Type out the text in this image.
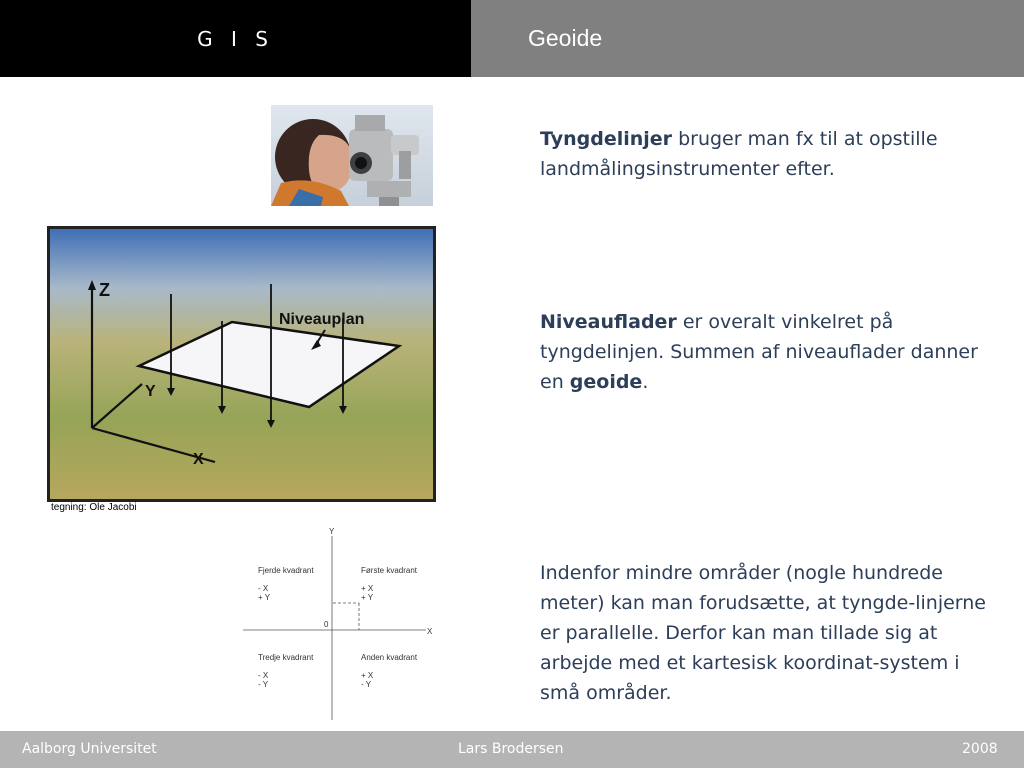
G I S	Geoide
Z
Y
X
Niveauplan
tegning: Ole Jacobi
Y
X
0
Fjerde kvadrant
- X
+ Y
Første kvadrant
+ X
+ Y
Tredje kvadrant
- X
- Y
Anden kvadrant
+ X
- Y
Tyngdelinjer bruger man fx til at opstille landmålingsinstrumenter efter.
Niveauflader er overalt vinkelret på tyngdelinjen. Summen af niveauflader danner en geoide.
Indenfor mindre områder (nogle hundrede meter) kan man forudsætte, at tyngde-linjerne er parallelle. Derfor kan man tillade sig at arbejde med et kartesisk koordinat-system i små områder.
Aalborg Universitet	Lars Brodersen	2008
